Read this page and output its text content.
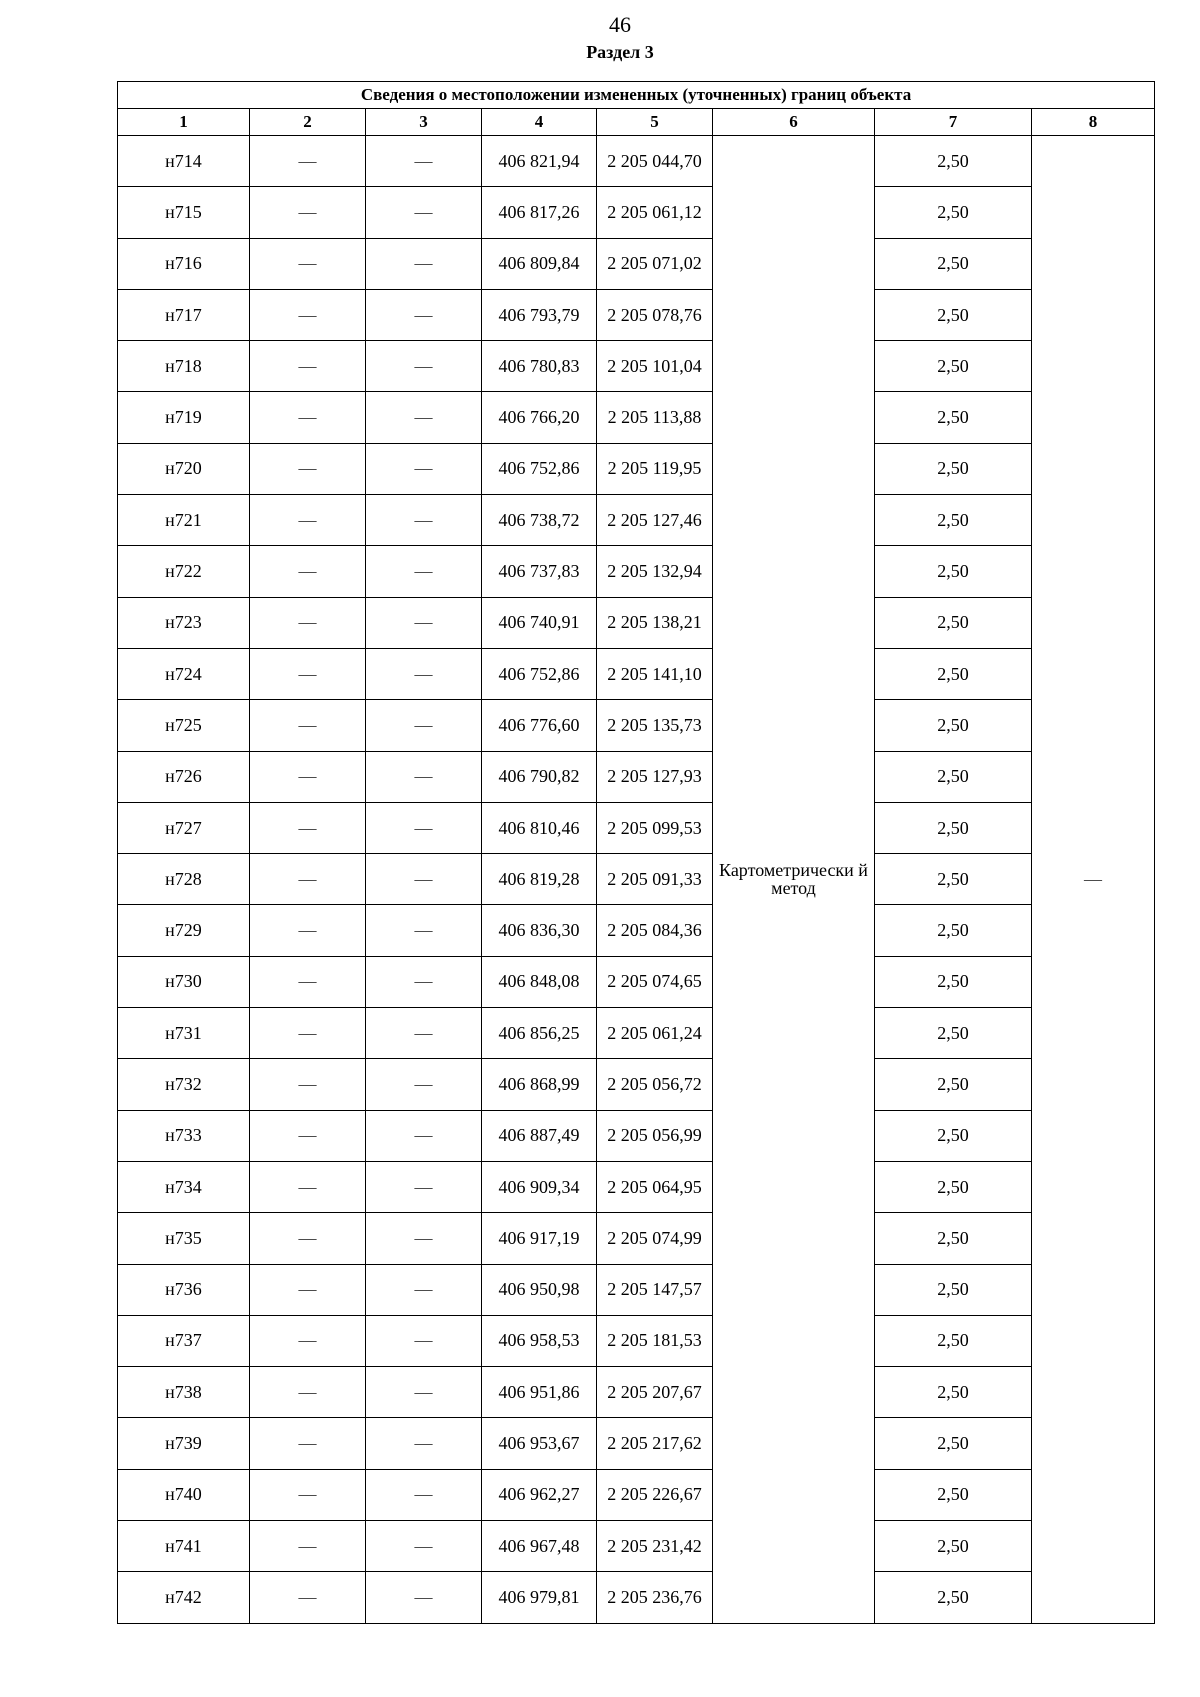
46
Раздел 3
Сведения о местоположении измененных (уточненных) границ объекта							
1	2	3	4	5	6	7	8
н714	—	—	406 821,94	2 205 044,70	Картометрически й метод	2,50	—
н715	—	—	406 817,26	2 205 061,12		2,50	
н716	—	—	406 809,84	2 205 071,02		2,50	
н717	—	—	406 793,79	2 205 078,76		2,50	
н718	—	—	406 780,83	2 205 101,04		2,50	
н719	—	—	406 766,20	2 205 113,88		2,50	
н720	—	—	406 752,86	2 205 119,95		2,50	
н721	—	—	406 738,72	2 205 127,46		2,50	
н722	—	—	406 737,83	2 205 132,94		2,50	
н723	—	—	406 740,91	2 205 138,21		2,50	
н724	—	—	406 752,86	2 205 141,10		2,50	
н725	—	—	406 776,60	2 205 135,73		2,50	
н726	—	—	406 790,82	2 205 127,93		2,50	
н727	—	—	406 810,46	2 205 099,53		2,50	
н728	—	—	406 819,28	2 205 091,33		2,50	
н729	—	—	406 836,30	2 205 084,36		2,50	
н730	—	—	406 848,08	2 205 074,65		2,50	
н731	—	—	406 856,25	2 205 061,24		2,50	
н732	—	—	406 868,99	2 205 056,72		2,50	
н733	—	—	406 887,49	2 205 056,99		2,50	
н734	—	—	406 909,34	2 205 064,95		2,50	
н735	—	—	406 917,19	2 205 074,99		2,50	
н736	—	—	406 950,98	2 205 147,57		2,50	
н737	—	—	406 958,53	2 205 181,53		2,50	
н738	—	—	406 951,86	2 205 207,67		2,50	
н739	—	—	406 953,67	2 205 217,62		2,50	
н740	—	—	406 962,27	2 205 226,67		2,50	
н741	—	—	406 967,48	2 205 231,42		2,50	
н742	—	—	406 979,81	2 205 236,76		2,50	
